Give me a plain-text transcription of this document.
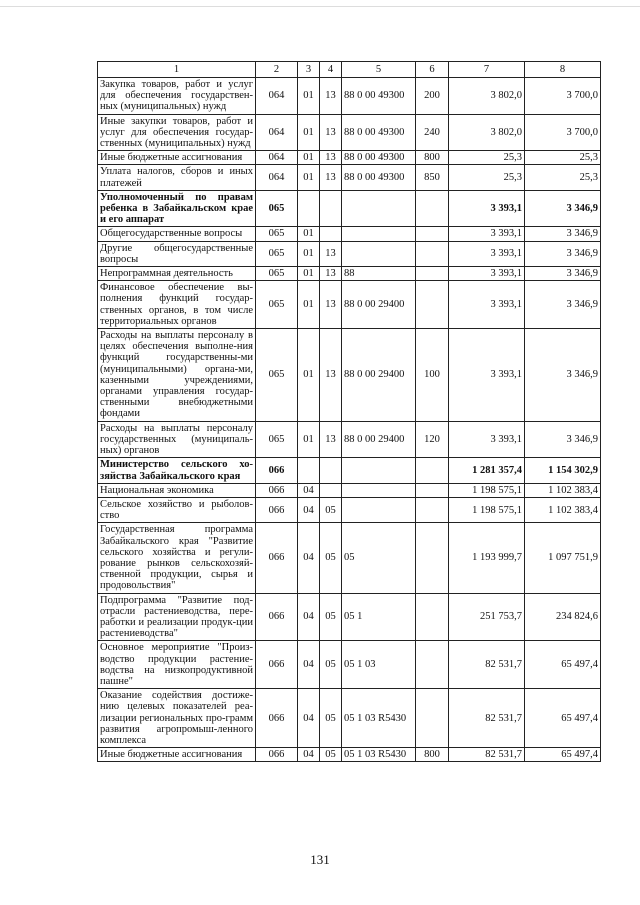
1	2	3	4	5	6	7	8
Закупка товаров, работ и услуг для обеспечения государствен-ных (муниципальных) нужд	064	01	13	88 0 00 49300	200	3 802,0	3 700,0
Иные закупки товаров, работ и услуг для обеспечения государ-ственных (муниципальных) нужд	064	01	13	88 0 00 49300	240	3 802,0	3 700,0
Иные бюджетные ассигнования	064	01	13	88 0 00 49300	800	25,3	25,3
Уплата налогов, сборов и иных платежей	064	01	13	88 0 00 49300	850	25,3	25,3
Уполномоченный по правам ребенка в Забайкальском крае и его аппарат	065					3 393,1	3 346,9
Общегосударственные вопросы	065	01				3 393,1	3 346,9
Другие общегосударственные вопросы	065	01	13			3 393,1	3 346,9
Непрограммная деятельность	065	01	13	88		3 393,1	3 346,9
Финансовое обеспечение вы-полнения функций государ-ственных органов, в том числе территориальных органов	065	01	13	88 0 00 29400		3 393,1	3 346,9
Расходы на выплаты персоналу в целях обеспечения выполне-ния функций государственны-ми (муниципальными) органа-ми, казенными учреждениями, органами управления государ-ственными внебюджетными фондами	065	01	13	88 0 00 29400	100	3 393,1	3 346,9
Расходы на выплаты персоналу государственных (муниципаль-ных) органов	065	01	13	88 0 00 29400	120	3 393,1	3 346,9
Министерство сельского хо-зяйства Забайкальского края	066					1 281 357,4	1 154 302,9
Национальная экономика	066	04				1 198 575,1	1 102 383,4
Сельское хозяйство и рыболов-ство	066	04	05			1 198 575,1	1 102 383,4
Государственная программа Забайкальского края "Развитие сельского хозяйства и регули-рование рынков сельскохозяй-ственной продукции, сырья и продовольствия"	066	04	05	05		1 193 999,7	1 097 751,9
Подпрограмма "Развитие под-отрасли растениеводства, пере-работки и реализации продук-ции растениеводства"	066	04	05	05 1		251 753,7	234 824,6
Основное мероприятие "Произ-водство продукции растение-водства на низкопродуктивной пашне"	066	04	05	05 1 03		82 531,7	65 497,4
Оказание содействия достиже-нию целевых показателей реа-лизации региональных про-грамм развития агропромыш-ленного комплекса	066	04	05	05 1 03 R5430		82 531,7	65 497,4
Иные бюджетные ассигнования	066	04	05	05 1 03 R5430	800	82 531,7	65 497,4
131
